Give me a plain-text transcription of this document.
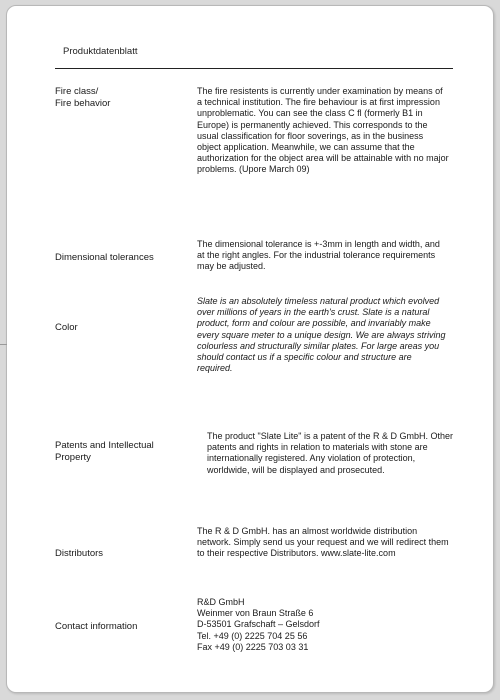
Produktdatenblatt
Fire class/
Fire behavior

The fire resistents is currently under examination by means of a technical institution. The fire behaviour is at first impression unproblematic. You can see the class C fl (formerly B1 in Europe) is permanently achieved. This corresponds to the usual classification for floor soverings, as in the business object application. Meanwhile, we can assume that the authorization for the object area will be attainable with no major problems. (Upore March 09)

Dimensional tolerances

The dimensional tolerance is +-3mm in length and width, and at the right angles. For the industrial tolerance requirements may be adjusted.

Color

Slate is an absolutely timeless natural product which evolved over millions of years in the earth's crust. Slate is a natural product, form and colour are possible, and invariably make every square meter to a unique design. We are always striving colourless and structurally similar plates. For large areas you should contact us if a specific colour and structure are required.

Patents and Intellectual
Property

The product "Slate Lite" is a patent of the R & D GmbH. Other patents and rights in relation to materials with stone are internationally registered. Any violation of protection, worldwide, will be displayed and prosecuted.

Distributors

The R & D GmbH. has an almost worldwide distribution network. Simply send us your request and we will redirect them to their respective Distributors. www.slate-lite.com

Contact information
R&D GmbH
Weinmer von Braun Straße 6
D-53501 Grafschaft – Gelsdorf
Tel. +49 (0) 2225 704 25 56
Fax +49 (0) 2225 703 03 31
